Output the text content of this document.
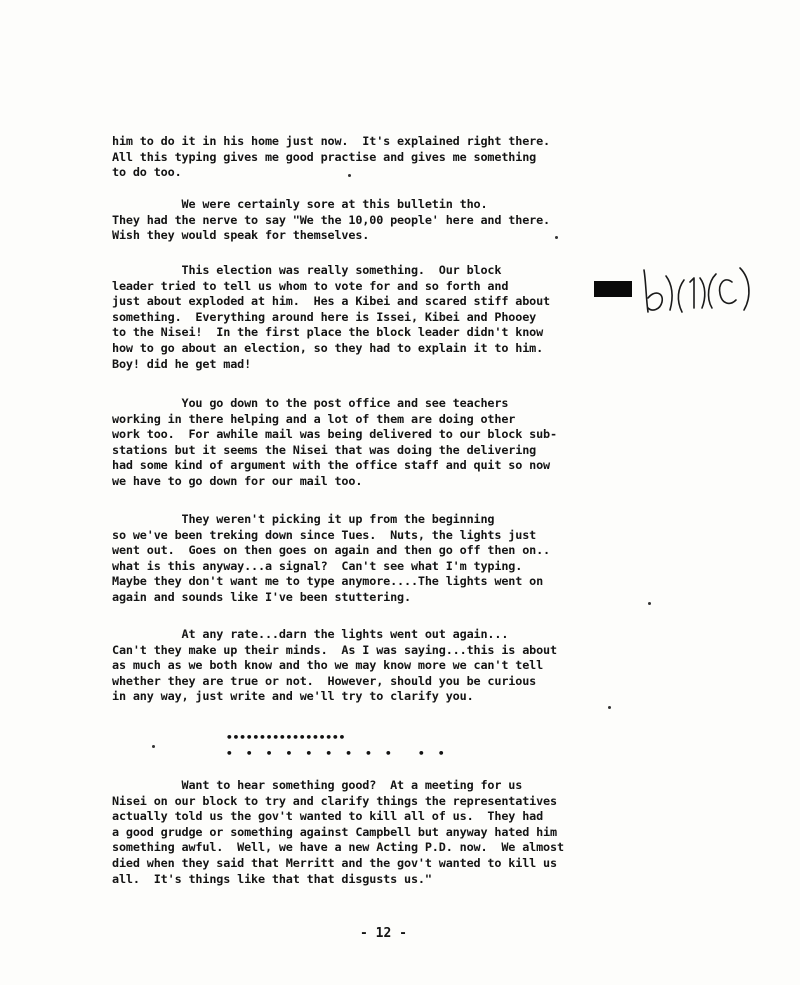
him to do it in his home just now.  It's explained right there.
All this typing gives me good practise and gives me something
to do too.
We were certainly sore at this bulletin tho.
They had the nerve to say "We the 10,00 people' here and there.
Wish they would speak for themselves.
This election was really something.  Our block
leader tried to tell us whom to vote for and so forth and
just about exploded at him.  Hes a Kibei and scared stiff about
something.  Everything around here is Issei, Kibei and Phooey
to the Nisei!  In the first place the block leader didn't know
how to go about an election, so they had to explain it to him.
Boy! did he get mad!
You go down to the post office and see teachers
working in there helping and a lot of them are doing other
work too.  For awhile mail was being delivered to our block sub-
stations but it seems the Nisei that was doing the delivering
had some kind of argument with the office staff and quit so now
we have to go down for our mail too.
They weren't picking it up from the beginning
so we've been treking down since Tues.  Nuts, the lights just
went out.  Goes on then goes on again and then go off then on..
what is this anyway...a signal?  Can't see what I'm typing.
Maybe they don't want me to type anymore....The lights went on
again and sounds like I've been stuttering.
At any rate...darn the lights went out again...
Can't they make up their minds.  As I was saying...this is about
as much as we both know and tho we may know more we can't tell
whether they are true or not.  However, should you be curious
in any way, just write and we'll try to clarify you.
••••••••••••••••••
•  •  •  •  •  •  •  •  •    •  •
Want to hear something good?  At a meeting for us
Nisei on our block to try and clarify things the representatives
actually told us the gov't wanted to kill all of us.  They had
a good grudge or something against Campbell but anyway hated him
something awful.  Well, we have a new Acting P.D. now.  We almost
died when they said that Merritt and the gov't wanted to kill us
all.  It's things like that that disgusts us."
- 12 -
